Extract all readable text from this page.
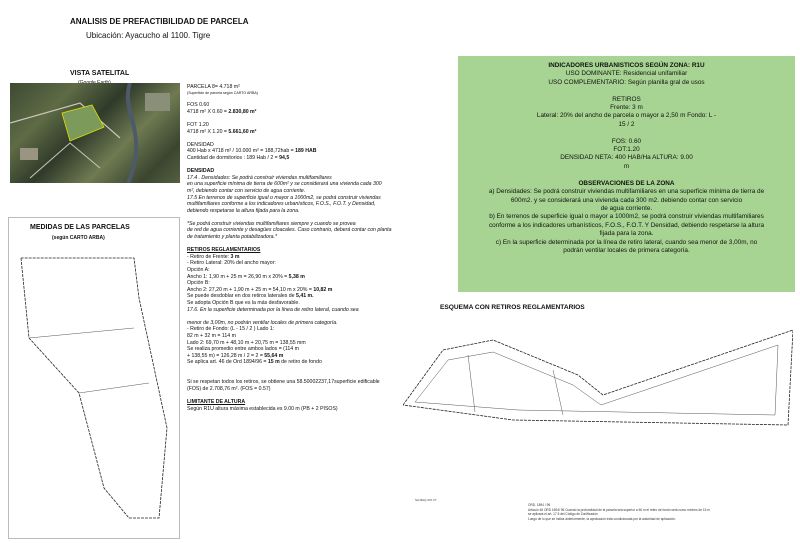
ANALISIS DE PREFACTIBILIDAD DE PARCELA
Ubicación: Ayacucho al 1100. Tigre
VISTA SATELITAL
MEDIDAS DE LAS PARCELAS
(según CARTO ARBA)

PARCELA 8= 4.718 m²

(Superficie de parcela según CARTO ARBA)

FOS 0.60

4718 m² X 0.60 = 2.830,80 m²

FOT 1.20

4718 m² X 1.20 = 5.661,60 m²

DENSIDAD

400 Hab x 4718 m² / 10.000 m² = 188,72hab = 189 HAB

Cantidad de dormitorios : 189 Hab / 2 = 94,5

DENSIDAD

17.4 . Densidades: Se podrá construir viviendas multifamiliares

en una superficie mínima de tierra de 600m² y se considerará una vivienda cada 300

m², debiendo contar con servicio de agua corriente.

17.5 En terrenos de superficie igual o mayor a 1000m2, se podrá construir viviendas

multifamiliares conforme a los indicadores urbanísticos, F.O.S., F.O.T. y Densidad,

debiendo respetarse la altura fijada para la zona.

*Se podrá construir viviendas multifamiliares siempre y cuando se provea

de red de agua corriente y desagües cloacales. Caso contrario, deberá contar con planta

de tratamiento y planta potabilizadora.*

RETIROS REGLAMENTARIOS

- Retiro de Frente: 3 m

- Retiro Lateral: 20% del ancho mayor:

Opción A:

Ancho 1: 1,90 m + 25 m = 26,90 m x 20% = 5,38 m

Opción B:

Ancho 2: 27,20 m + 1,90 m + 25 m = 54,10 m x 20% = 10,82 m

Se puede desdoblar en dos retiros laterales de 5,41 m.

Se adopta Opción B que es la más desfavorable.

17.6. En la superficie determinada por la línea de retiro lateral, cuando sea

menor de 3,00m, no podrán ventilar locales de primera categoría.

- Retiro de Fondo: (L - 15 / 2 ) Lado 1:

82 m + 32 m = 114 m

Lado 2: 69,70 m + 48,10 m + 20,75 m = 138,55 mm

Se realiza promedio entre ambos lados = (114 m

+ 138,55 m) = 126,28 m / 2 = 2 = 55,64 m

Se aplica art. 46 de Ord 1894/96 = 15 m de retiro de fondo

Si se respetan todos los retiros, se obtiene una 58.50002237,17superficie edificable

(FOS) de 2.708,76 m². (FOS = 0.57)

LIMITANTE DE ALTURA

Según R1U altura máxima establecida es 9.00 m (PB + 2 PISOS)

INDICADORES URBANISTICOS SEGÚN ZONA: R1U
USO DOMINANTE: Residencial unifamiliar
USO COMPLEMENTARIO: Según planilla gral de usos

RETIROS
Frente: 3 m
Lateral: 20% del ancho de parcela o mayor a 2,50 m Fondo: L -
15 / 2

FOS: 0.60
FOT:1.20
DENSIDAD NETA: 400 HAB/Ha ALTURA: 9.00
m

OBSERVACIONES DE LA ZONA
a) Densidades: Se podrá construir viviendas multifamiliares en una superficie mínima de tierra de
600m2. y se considerará una vivienda cada 300 m2. debiendo contar con servicio
de agua corriente.
b) En terrenos de superficie igual o mayor a 1000m2, se podrá construir viviendas multifamiliares
conforme a los indicadores urbanísticos, F.O.S., F.O.T. Y Densidad, debiendo respetarse la altura
fijada para la zona.
c) En la superficie determinada por la línea de retiro lateral, cuando sea menor de 3,00m, no
podrán ventilar locales de primera categoría.
ESQUEMA CON RETIROS REGLAMENTARIOS
SA MAQ 237 27
ORD. 1894 / 96
Articulo 46 ORD 1894/ 96 Cuando la profundidad de la parcela sea superior a 60 m el retiro de fondo será como mínimo de 15 m
se aplicará el art. 17.5 del Código de Zonificación
Luego de lo que se indica anteriormente, la aprobación está condicionada por la autoridad de aplicación.
